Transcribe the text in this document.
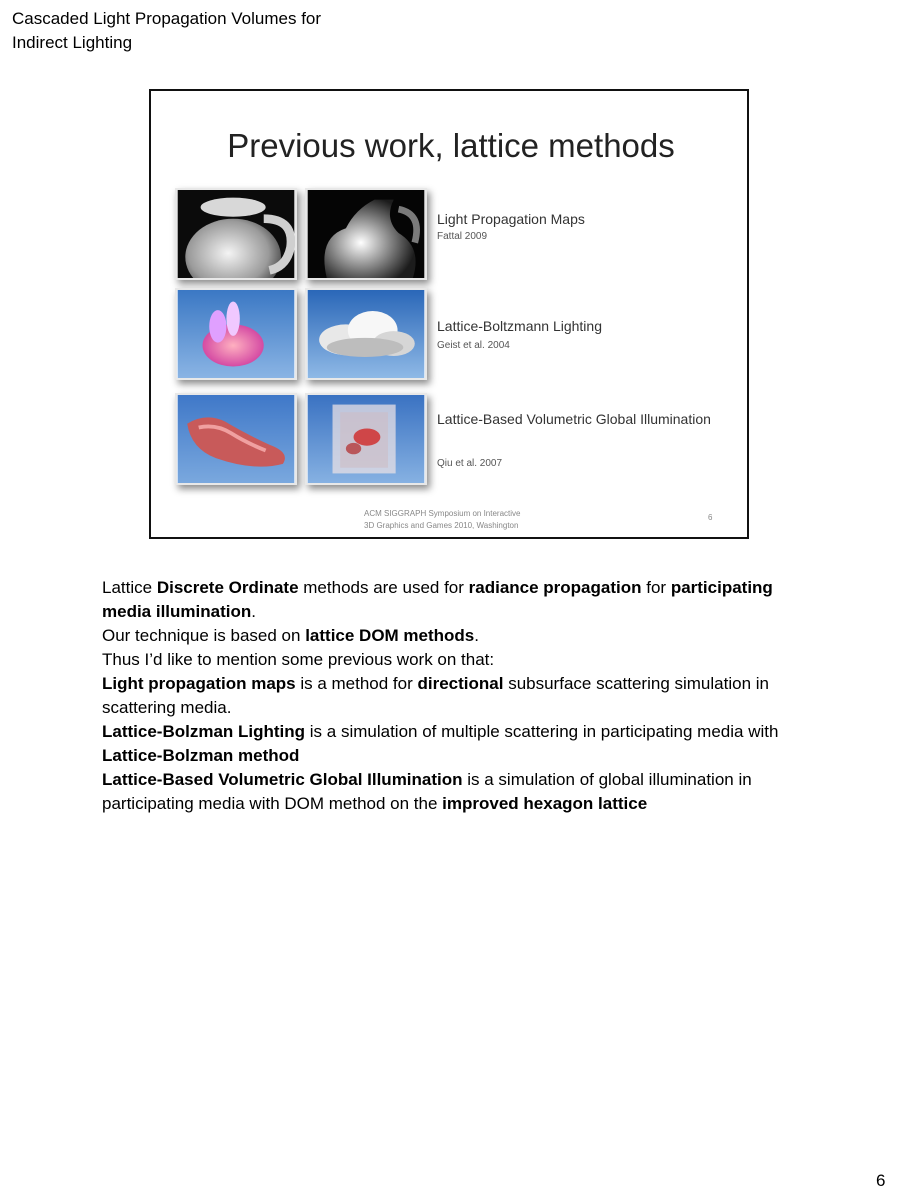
Cascaded Light Propagation Volumes for Indirect Lighting
Previous work, lattice methods
Light Propagation Maps
Fattal 2009
Lattice-Boltzmann Lighting
Geist et al. 2004
Lattice-Based Volumetric Global Illumination
Qiu et al. 2007
ACM SIGGRAPH Symposium on Interactive
3D Graphics and Games 2010, Washington
6

Lattice Discrete Ordinate methods are used for radiance propagation for participating media illumination.

Our technique is based on lattice DOM methods.

Thus I’d like to mention some previous work on that:

Light propagation maps is a method for directional subsurface scattering simulation in scattering media.

Lattice-Bolzman Lighting is a simulation of multiple scattering in participating media with Lattice-Bolzman method

Lattice-Based Volumetric Global Illumination is a simulation of global illumination in participating media with DOM method on the improved hexagon lattice

6
